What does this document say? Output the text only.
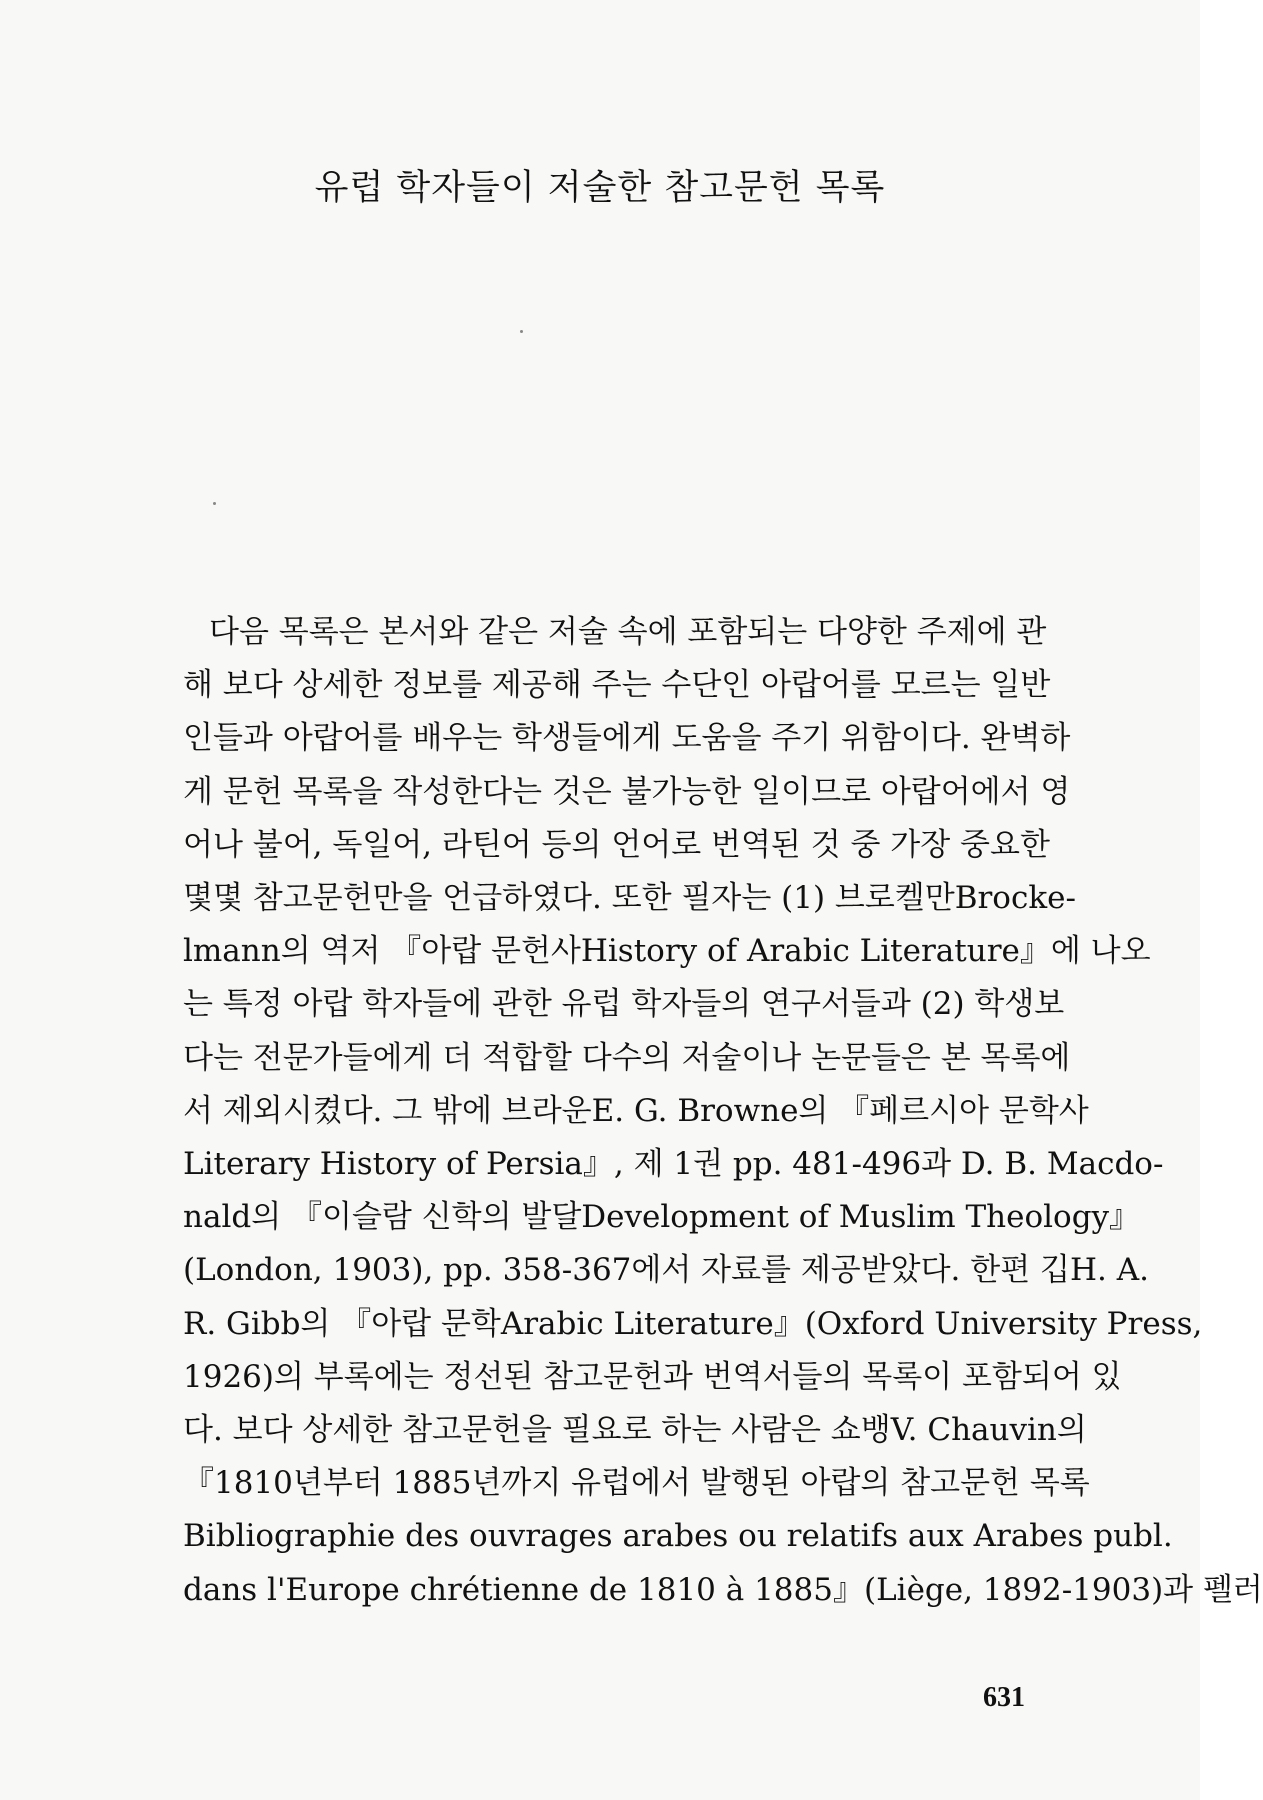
유럽 학자들이 저술한 참고문헌 목록
다음 목록은 본서와 같은 저술 속에 포함되는 다양한 주제에 관
해 보다 상세한 정보를 제공해 주는 수단인 아랍어를 모르는 일반
인들과 아랍어를 배우는 학생들에게 도움을 주기 위함이다. 완벽하
게 문헌 목록을 작성한다는 것은 불가능한 일이므로 아랍어에서 영
어나 불어, 독일어, 라틴어 등의 언어로 번역된 것 중 가장 중요한
몇몇 참고문헌만을 언급하였다. 또한 필자는 (1) 브로켈만Brocke-
lmann의 역저 『아랍 문헌사History of Arabic Literature』에 나오
는 특정 아랍 학자들에 관한 유럽 학자들의 연구서들과 (2) 학생보
다는 전문가들에게 더 적합할 다수의 저술이나 논문들은 본 목록에
서 제외시켰다. 그 밖에 브라운E. G. Browne의 『페르시아 문학사
Literary History of Persia』, 제 1권 pp. 481-496과 D. B. Macdo-
nald의 『이슬람 신학의 발달Development of Muslim Theology』
(London, 1903), pp. 358-367에서 자료를 제공받았다. 한편 깁H. A.
R. Gibb의 『아랍 문학Arabic Literature』(Oxford University Press,
1926)의 부록에는 정선된 참고문헌과 번역서들의 목록이 포함되어 있
다. 보다 상세한 참고문헌을 필요로 하는 사람은 쇼뱅V. Chauvin의
『1810년부터 1885년까지 유럽에서 발행된 아랍의 참고문헌 목록
Bibliographie des ouvrages arabes ou relatifs aux Arabes publ.
dans l'Europe chrétienne de 1810 à 1885』(Liège, 1892-1903)과 펠러
631
